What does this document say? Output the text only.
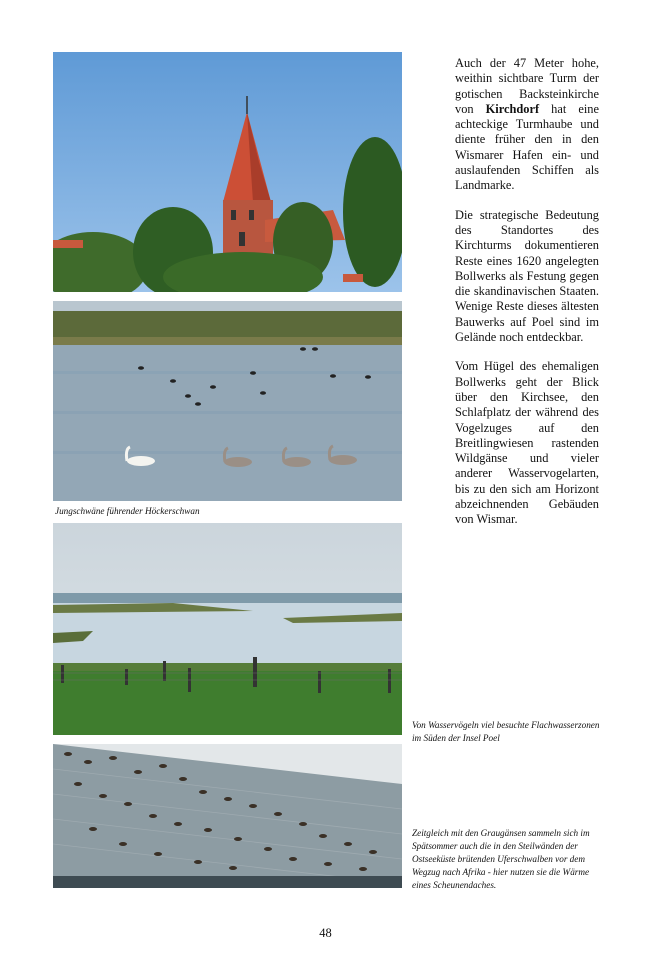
Jungschwäne führender Höckerschwan
Von Wasservögeln viel besuchte Flachwasserzonen im Süden der Insel Poel
Zeitgleich mit den Graugänsen sammeln sich im Spätsommer auch die in den Steilwänden der Ostseeküste brütenden Uferschwalben vor dem Wegzug nach Afrika - hier nutzen sie die Wärme eines Scheunendaches.

Auch der 47 Meter hohe, weithin sichtbare Turm der gotischen Backsteinkirche von Kirchdorf hat eine achteckige Turmhaube und diente früher den in den Wismarer Hafen ein- und auslaufenden Schiffen als Landmarke.

Die strategische Bedeutung des Standortes des Kirchturms dokumentieren Reste eines 1620 angelegten Bollwerks als Festung gegen die skandinavischen Staaten. Wenige Reste dieses ältesten Bauwerks auf Poel sind im Gelände noch entdeckbar.

Vom Hügel des ehemaligen Bollwerks geht der Blick über den Kirchsee, den Schlafplatz der während des Vogelzuges auf den Breitlingwiesen rastenden Wildgänse und vieler anderer Wasservogelarten, bis zu den sich am Horizont abzeichnenden Gebäuden von Wismar.

48
